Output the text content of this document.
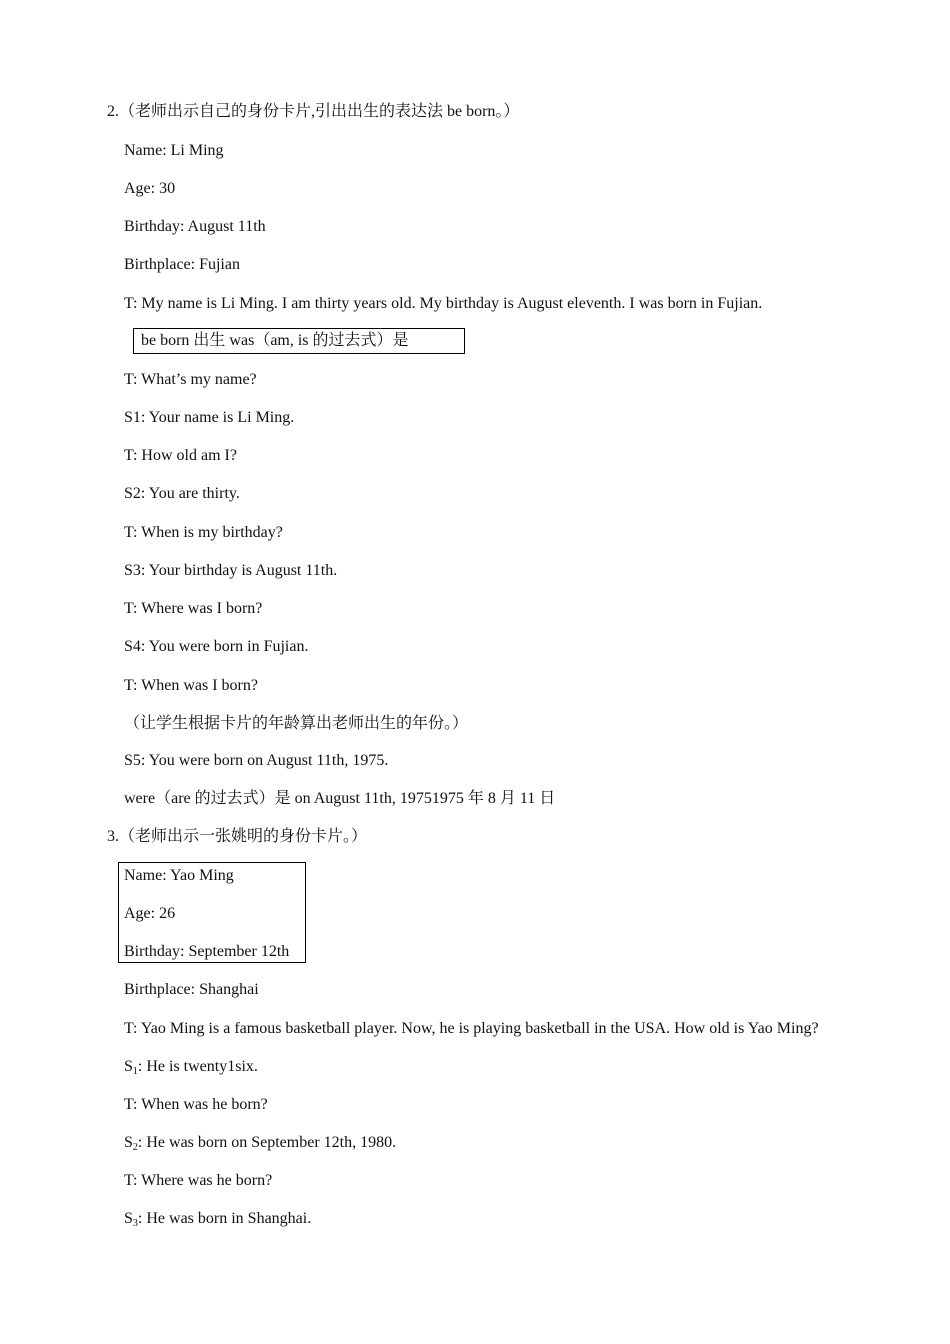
2.（老师出示自己的身份卡片,引出出生的表达法 be born。）
Name: Li Ming
Age: 30
Birthday: August 11th
Birthplace: Fujian
T: My name is Li Ming. I am thirty years old. My birthday is August eleventh. I was born in Fujian.
be born 出生 was（am, is 的过去式）是
T: What’s my name?
S1: Your name is Li Ming.
T: How old am I?
S2: You are thirty.
T: When is my birthday?
S3: Your birthday is August 11th.
T: Where was I born?
S4: You were born in Fujian.
T: When was I born?
（让学生根据卡片的年龄算出老师出生的年份。）
S5: You were born on August 11th, 1975.
were（are 的过去式）是 on August 11th, 19751975 年 8 月 11 日
3.（老师出示一张姚明的身份卡片。）
Name: Yao Ming
Age: 26
Birthday: September 12th
Birthplace: Shanghai
T: Yao Ming is a famous basketball player. Now, he is playing basketball in the USA. How old is Yao Ming?
$S_1$: He is twenty1six.
T: When was he born?
$S_2$: He was born on September 12th, 1980.
T: Where was he born?
$S_3$: He was born in Shanghai.
